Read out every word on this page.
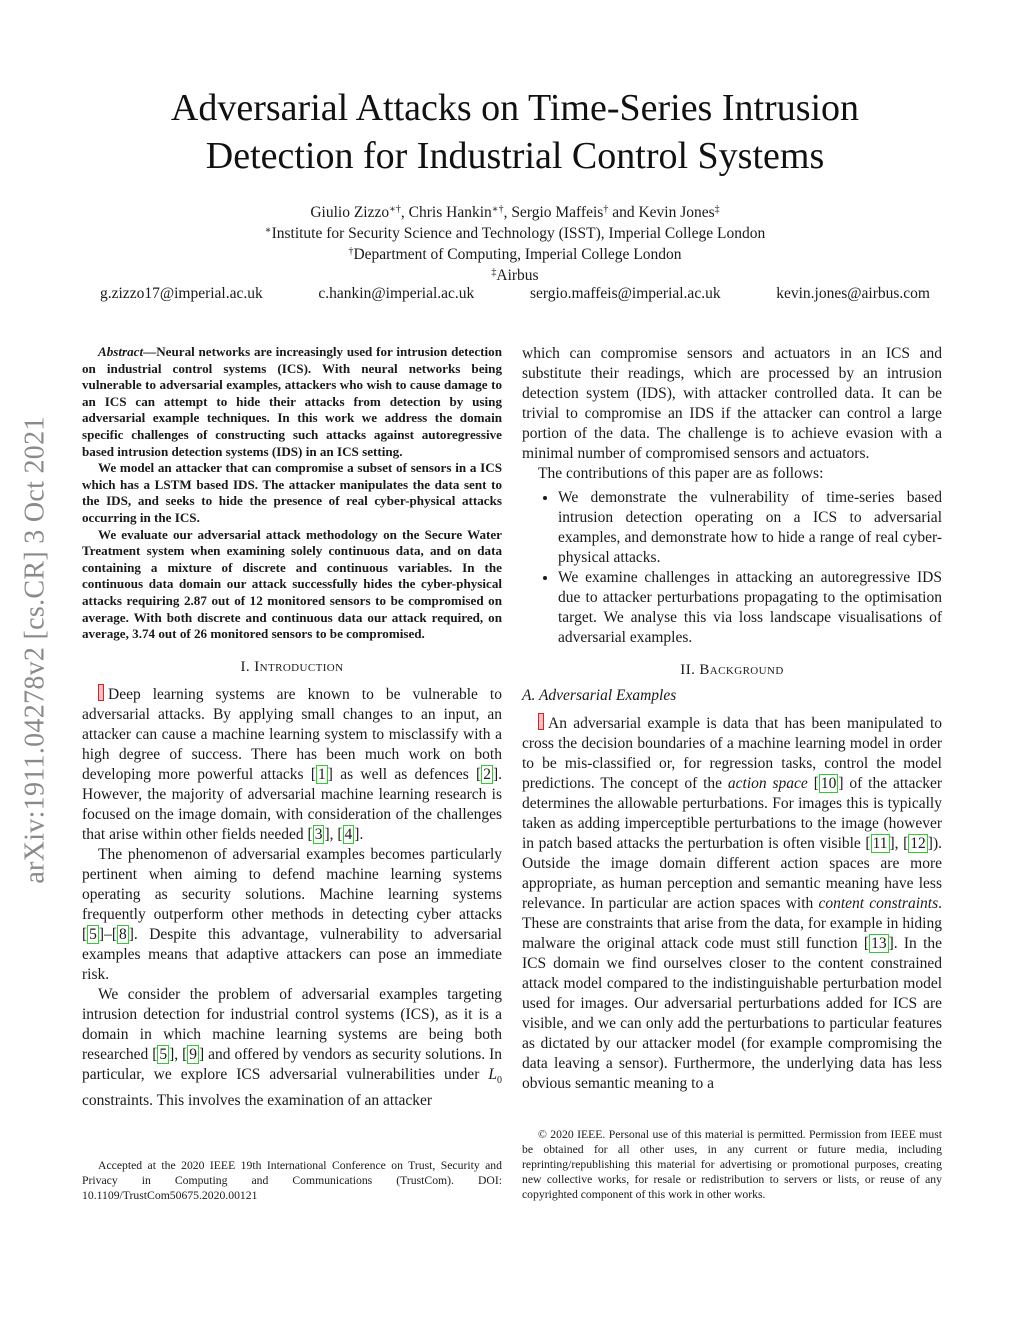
arXiv:1911.04278v2 [cs.CR] 3 Oct 2021
Adversarial Attacks on Time-Series Intrusion
Detection for Industrial Control Systems
Giulio Zizzo∗†, Chris Hankin∗†, Sergio Maffeis† and Kevin Jones‡
∗Institute for Security Science and Technology (ISST), Imperial College London
†Department of Computing, Imperial College London
‡Airbus
g.zizzo17@imperial.ac.uk	c.hankin@imperial.ac.uk	sergio.maffeis@imperial.ac.uk	kevin.jones@airbus.com

Abstract—Neural networks are increasingly used for intrusion detection on industrial control systems (ICS). With neural networks being vulnerable to adversarial examples, attackers who wish to cause damage to an ICS can attempt to hide their attacks from detection by using adversarial example techniques. In this work we address the domain specific challenges of constructing such attacks against autoregressive based intrusion detection systems (IDS) in an ICS setting.

We model an attacker that can compromise a subset of sensors in a ICS which has a LSTM based IDS. The attacker manipulates the data sent to the IDS, and seeks to hide the presence of real cyber-physical attacks occurring in the ICS.

We evaluate our adversarial attack methodology on the Secure Water Treatment system when examining solely continuous data, and on data containing a mixture of discrete and continuous variables. In the continuous data domain our attack successfully hides the cyber-physical attacks requiring 2.87 out of 12 monitored sensors to be compromised on average. With both discrete and continuous data our attack required, on average, 3.74 out of 26 monitored sensors to be compromised.

I. Introduction

Deep learning systems are known to be vulnerable to adversarial attacks. By applying small changes to an input, an attacker can cause a machine learning system to misclassify with a high degree of success. There has been much work on both developing more powerful attacks [ 1 ] as well as defences [ 2 ]. However, the majority of adversarial machine learning research is focused on the image domain, with consideration of the challenges that arise within other fields needed [ 3 ], [ 4 ].

The phenomenon of adversarial examples becomes particularly pertinent when aiming to defend machine learning systems operating as security solutions. Machine learning systems frequently outperform other methods in detecting cyber attacks [ 5 ]–[ 8 ]. Despite this advantage, vulnerability to adversarial examples means that adaptive attackers can pose an immediate risk.

We consider the problem of adversarial examples targeting intrusion detection for industrial control systems (ICS), as it is a domain in which machine learning systems are being both researched [ 5 ], [ 9 ] and offered by vendors as security solutions. In particular, we explore ICS adversarial vulnerabilities under $L_0$ constraints. This involves the examination of an attacker

Accepted at the 2020 IEEE 19th International Conference on Trust, Security and Privacy in Computing and Communications (TrustCom). DOI: 10.1109/TrustCom50675.2020.00121

which can compromise sensors and actuators in an ICS and substitute their readings, which are processed by an intrusion detection system (IDS), with attacker controlled data. It can be trivial to compromise an IDS if the attacker can control a large portion of the data. The challenge is to achieve evasion with a minimal number of compromised sensors and actuators.

The contributions of this paper are as follows:

• We demonstrate the vulnerability of time-series based intrusion detection operating on a ICS to adversarial examples, and demonstrate how to hide a range of real cyber-physical attacks.
• We examine challenges in attacking an autoregressive IDS due to attacker perturbations propagating to the optimisation target. We analyse this via loss landscape visualisations of adversarial examples.
II. Background
A. Adversarial Examples

An adversarial example is data that has been manipulated to cross the decision boundaries of a machine learning model in order to be mis-classified or, for regression tasks, control the model predictions. The concept of the action space [ 10 ] of the attacker determines the allowable perturbations. For images this is typically taken as adding imperceptible perturbations to the image (however in patch based attacks the perturbation is often visible [ 11 ], [ 12 ]). Outside the image domain different action spaces are more appropriate, as human perception and semantic meaning have less relevance. In particular are action spaces with content constraints. These are constraints that arise from the data, for example in hiding malware the original attack code must still function [ 13 ]. In the ICS domain we find ourselves closer to the content constrained attack model compared to the indistinguishable perturbation model used for images. Our adversarial perturbations added for ICS are visible, and we can only add the perturbations to particular features as dictated by our attacker model (for example compromising the data leaving a sensor). Furthermore, the underlying data has less obvious semantic meaning to a

© 2020 IEEE. Personal use of this material is permitted. Permission from IEEE must be obtained for all other uses, in any current or future media, including reprinting/republishing this material for advertising or promotional purposes, creating new collective works, for resale or redistribution to servers or lists, or reuse of any copyrighted component of this work in other works.
